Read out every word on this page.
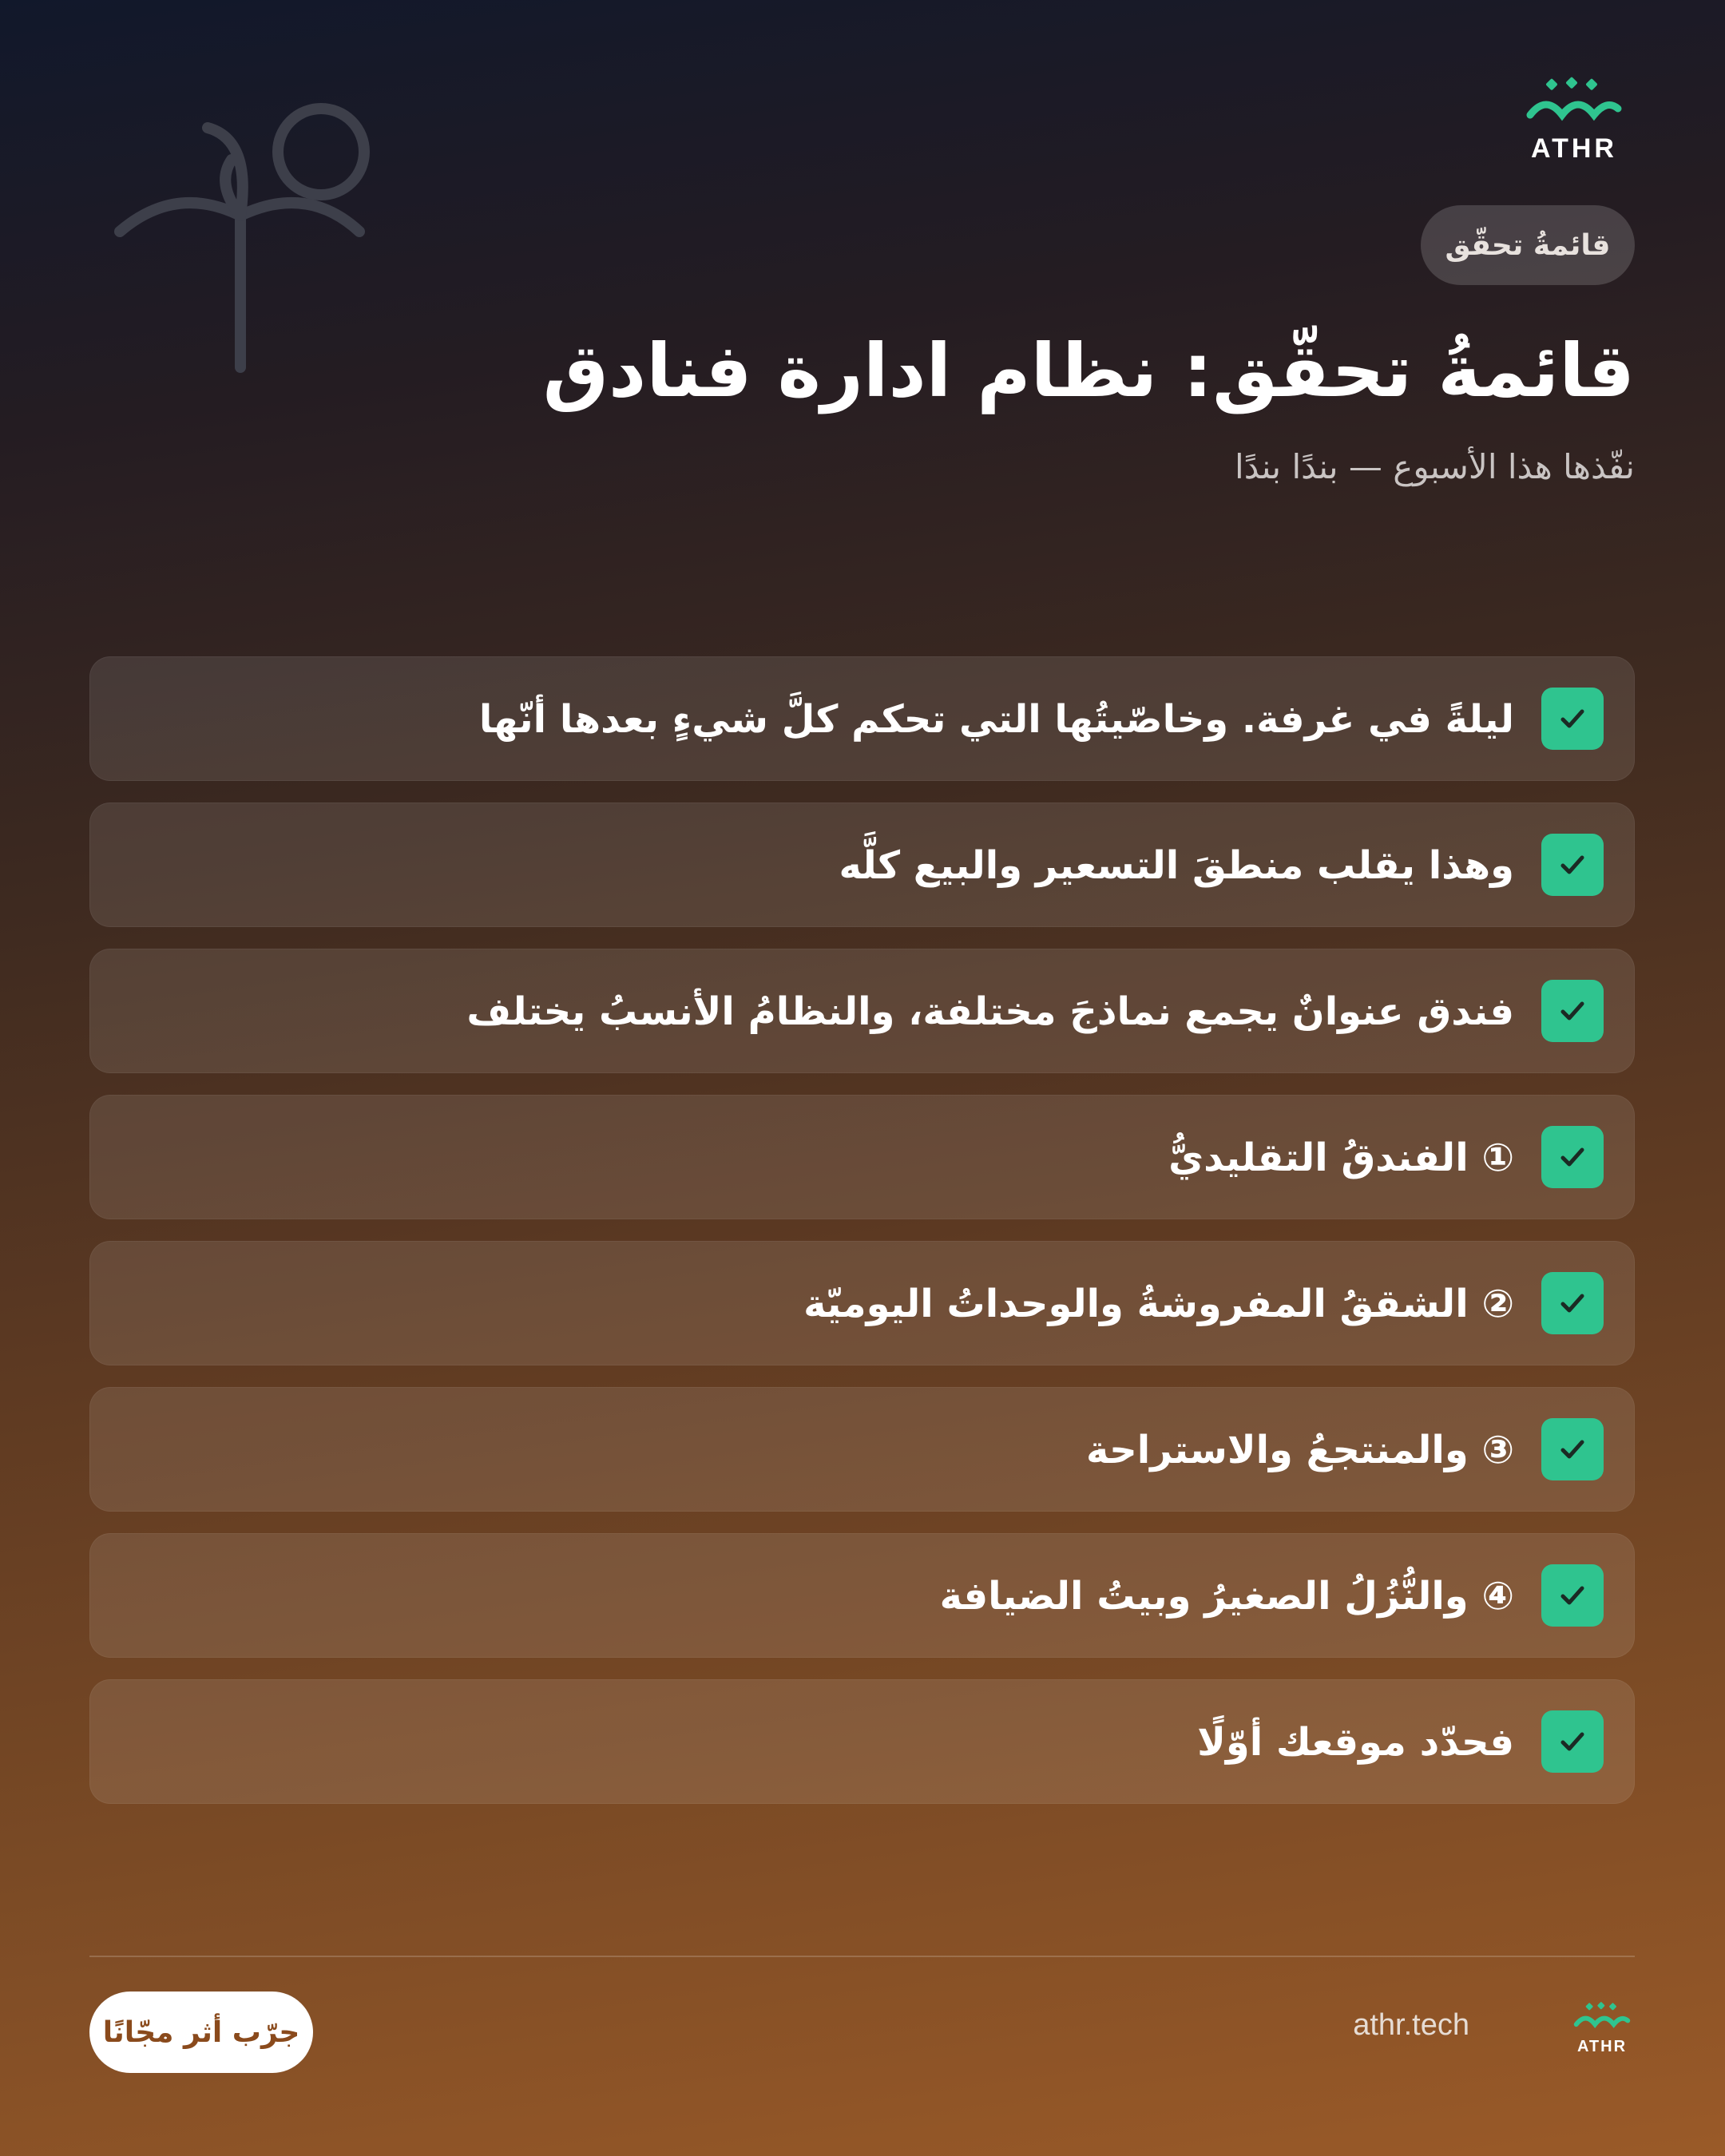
ATHR
قائمةُ تحقّق
قائمةُ تحقّق: نظام ادارة فنادق
نفّذها هذا الأسبوع — بندًا بندًا
ليلةً في غرفة. وخاصّيتُها التي تحكم كلَّ شيءٍ بعدها أنّها
وهذا يقلب منطقَ التسعير والبيع كلَّه
فندق عنوانٌ يجمع نماذجَ مختلفة، والنظامُ الأنسبُ يختلف
① الفندقُ التقليديُّ
② الشققُ المفروشةُ والوحداتُ اليوميّة
③ والمنتجعُ والاستراحة
④ والنُّزُلُ الصغيرُ وبيتُ الضيافة
فحدّد موقعك أوّلًا
جرّب أثر مجّانًا	athr.tech
ATHR
